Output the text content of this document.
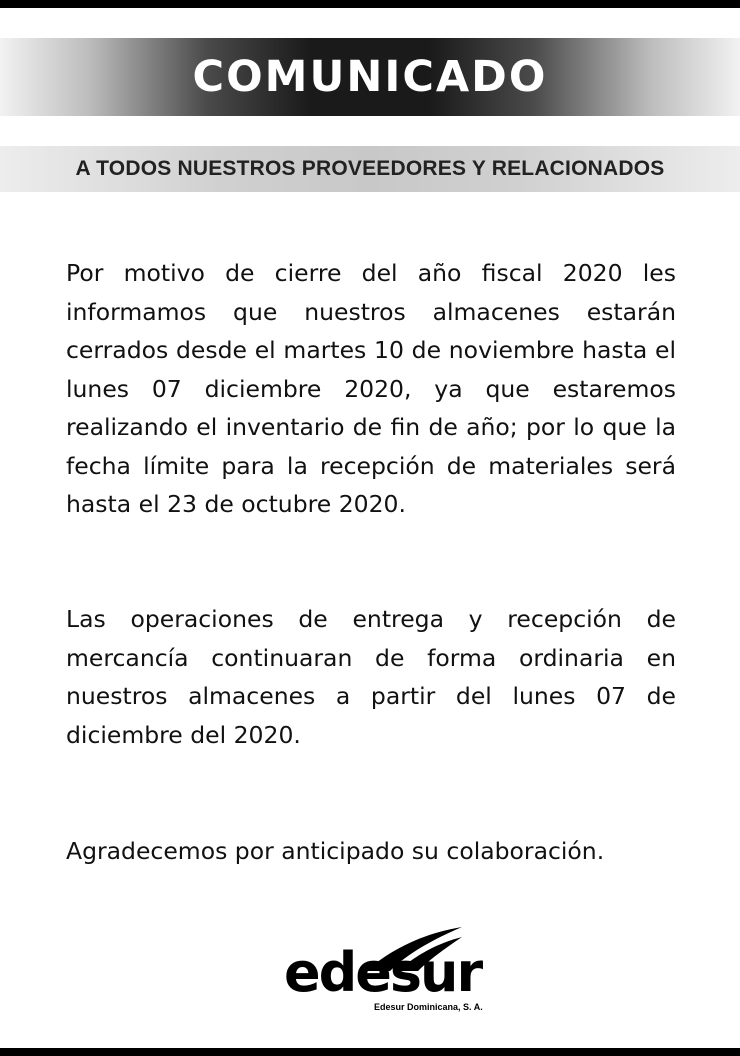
COMUNICADO
A TODOS NUESTROS PROVEEDORES Y RELACIONADOS

Por motivo de cierre del año fiscal 2020 les informamos que nuestros almacenes estarán cerrados desde el martes 10 de noviembre hasta el lunes 07 diciembre 2020, ya que estaremos realizando el inventario de fin de año; por lo que la fecha límite para la recepción de materiales será hasta el 23 de octubre 2020.

Las operaciones de entrega y recepción de mercancía continuaran de forma ordinaria en nuestros almacenes a partir del lunes 07 de diciembre del 2020.

Agradecemos por anticipado su colaboración.

edesur
Edesur Dominicana, S. A.
